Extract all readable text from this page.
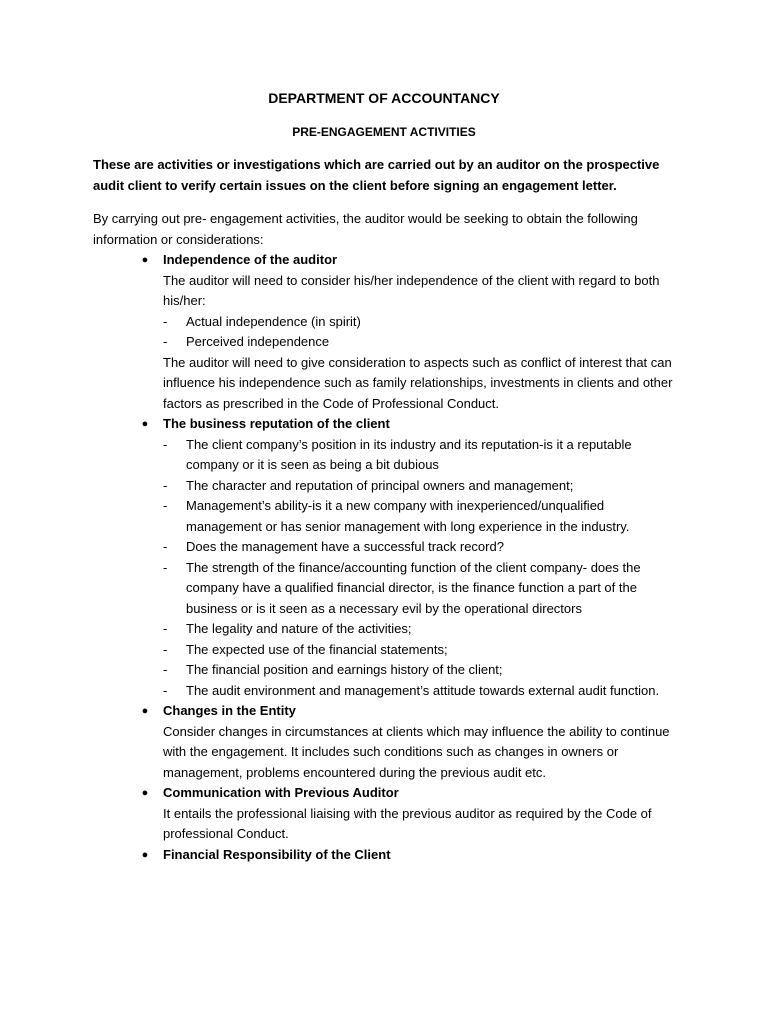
DEPARTMENT OF ACCOUNTANCY
PRE-ENGAGEMENT ACTIVITIES

These are activities or investigations which are carried out by an auditor on the prospective audit client to verify certain issues on the client before signing an engagement letter.

By carrying out pre- engagement activities, the auditor would be seeking to obtain the following information or considerations:

● Independence of the auditor

The auditor will need to consider his/her independence of the client with regard to both his/her:

- Actual independence (in spirit)
- Perceived independence

The auditor will need to give consideration to aspects such as conflict of interest that can influence his independence such as family relationships, investments in clients and other factors as prescribed in the Code of Professional Conduct.

● The business reputation of the client

- The client company’s position in its industry and its reputation-is it a reputable company or it is seen as being a bit dubious
- The character and reputation of principal owners and management;
- Management’s ability-is it a new company with inexperienced/unqualified management or has senior management with long experience in the industry.
- Does the management have a successful track record?
- The strength of the finance/accounting function of the client company- does the company have a qualified financial director, is the finance function a part of the business or is it seen as a necessary evil by the operational directors
- The legality and nature of the activities;
- The expected use of the financial statements;
- The financial position and earnings history of the client;
- The audit environment and management’s attitude towards external audit function.
● Changes in the Entity

Consider changes in circumstances at clients which may influence the ability to continue with the engagement. It includes such conditions such as changes in owners or management, problems encountered during the previous audit etc.

● Communication with Previous Auditor

It entails the professional liaising with the previous auditor as required by the Code of professional Conduct.

● Financial Responsibility of the Client
